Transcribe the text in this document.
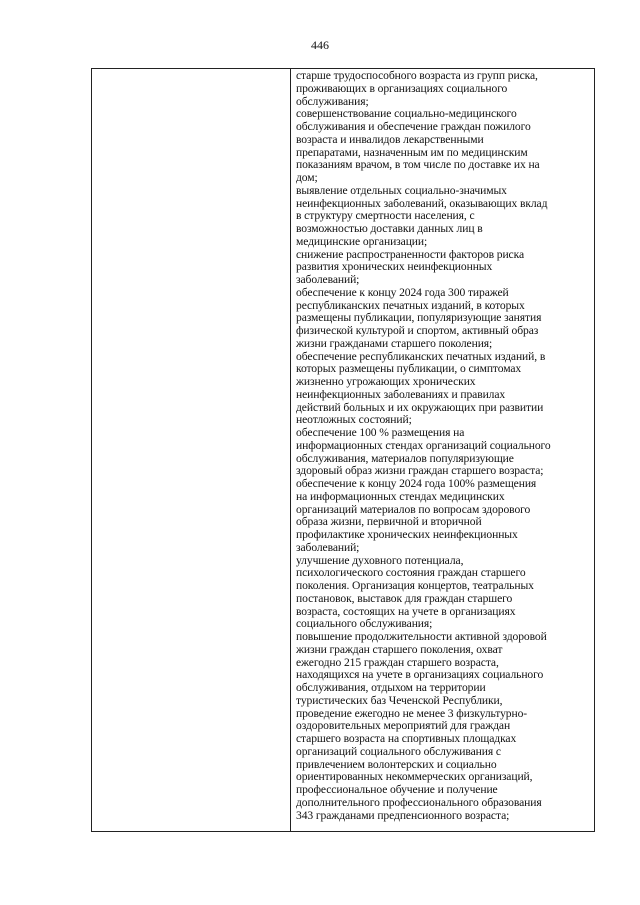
446
старше трудоспособного возраста из групп риска,
проживающих в организациях социального
обслуживания;
совершенствование социально-медицинского
обслуживания и обеспечение граждан пожилого
возраста и инвалидов лекарственными
препаратами, назначенным им по медицинским
показаниям врачом, в том числе по доставке их на
дом;
выявление отдельных социально-значимых
неинфекционных заболеваний, оказывающих вклад
в структуру смертности населения, с
возможностью доставки данных лиц в
медицинские организации;
снижение распространенности факторов риска
развития хронических неинфекционных
заболеваний;
обеспечение к концу 2024 года 300 тиражей
республиканских печатных изданий, в которых
размещены публикации, популяризующие занятия
физической культурой и спортом, активный образ
жизни гражданами старшего поколения;
обеспечение республиканских печатных изданий, в
которых размещены публикации, о симптомах
жизненно угрожающих хронических
неинфекционных заболеваниях и правилах
действий больных и их окружающих при развитии
неотложных состояний;
обеспечение 100 % размещения на
информационных стендах организаций социального
обслуживания, материалов популяризующие
здоровый образ жизни граждан старшего возраста;
обеспечение к концу 2024 года 100% размещения
на информационных стендах медицинских
организаций материалов по вопросам здорового
образа жизни, первичной и вторичной
профилактике хронических неинфекционных
заболеваний;
улучшение духовного потенциала,
психологического состояния граждан старшего
поколения. Организация концертов, театральных
постановок, выставок для граждан старшего
возраста, состоящих на учете в организациях
социального обслуживания;
повышение продолжительности активной здоровой
жизни граждан старшего поколения, охват
ежегодно 215 граждан старшего возраста,
находящихся на учете в организациях социального
обслуживания, отдыхом на территории
туристических баз Чеченской Республики,
проведение ежегодно не менее 3 физкультурно-
оздоровительных мероприятий для граждан
старшего возраста на спортивных площадках
организаций социального обслуживания с
привлечением волонтерских и социально
ориентированных некоммерческих организаций,
профессиональное обучение и получение
дополнительного профессионального образования
343 гражданами предпенсионного возраста;
